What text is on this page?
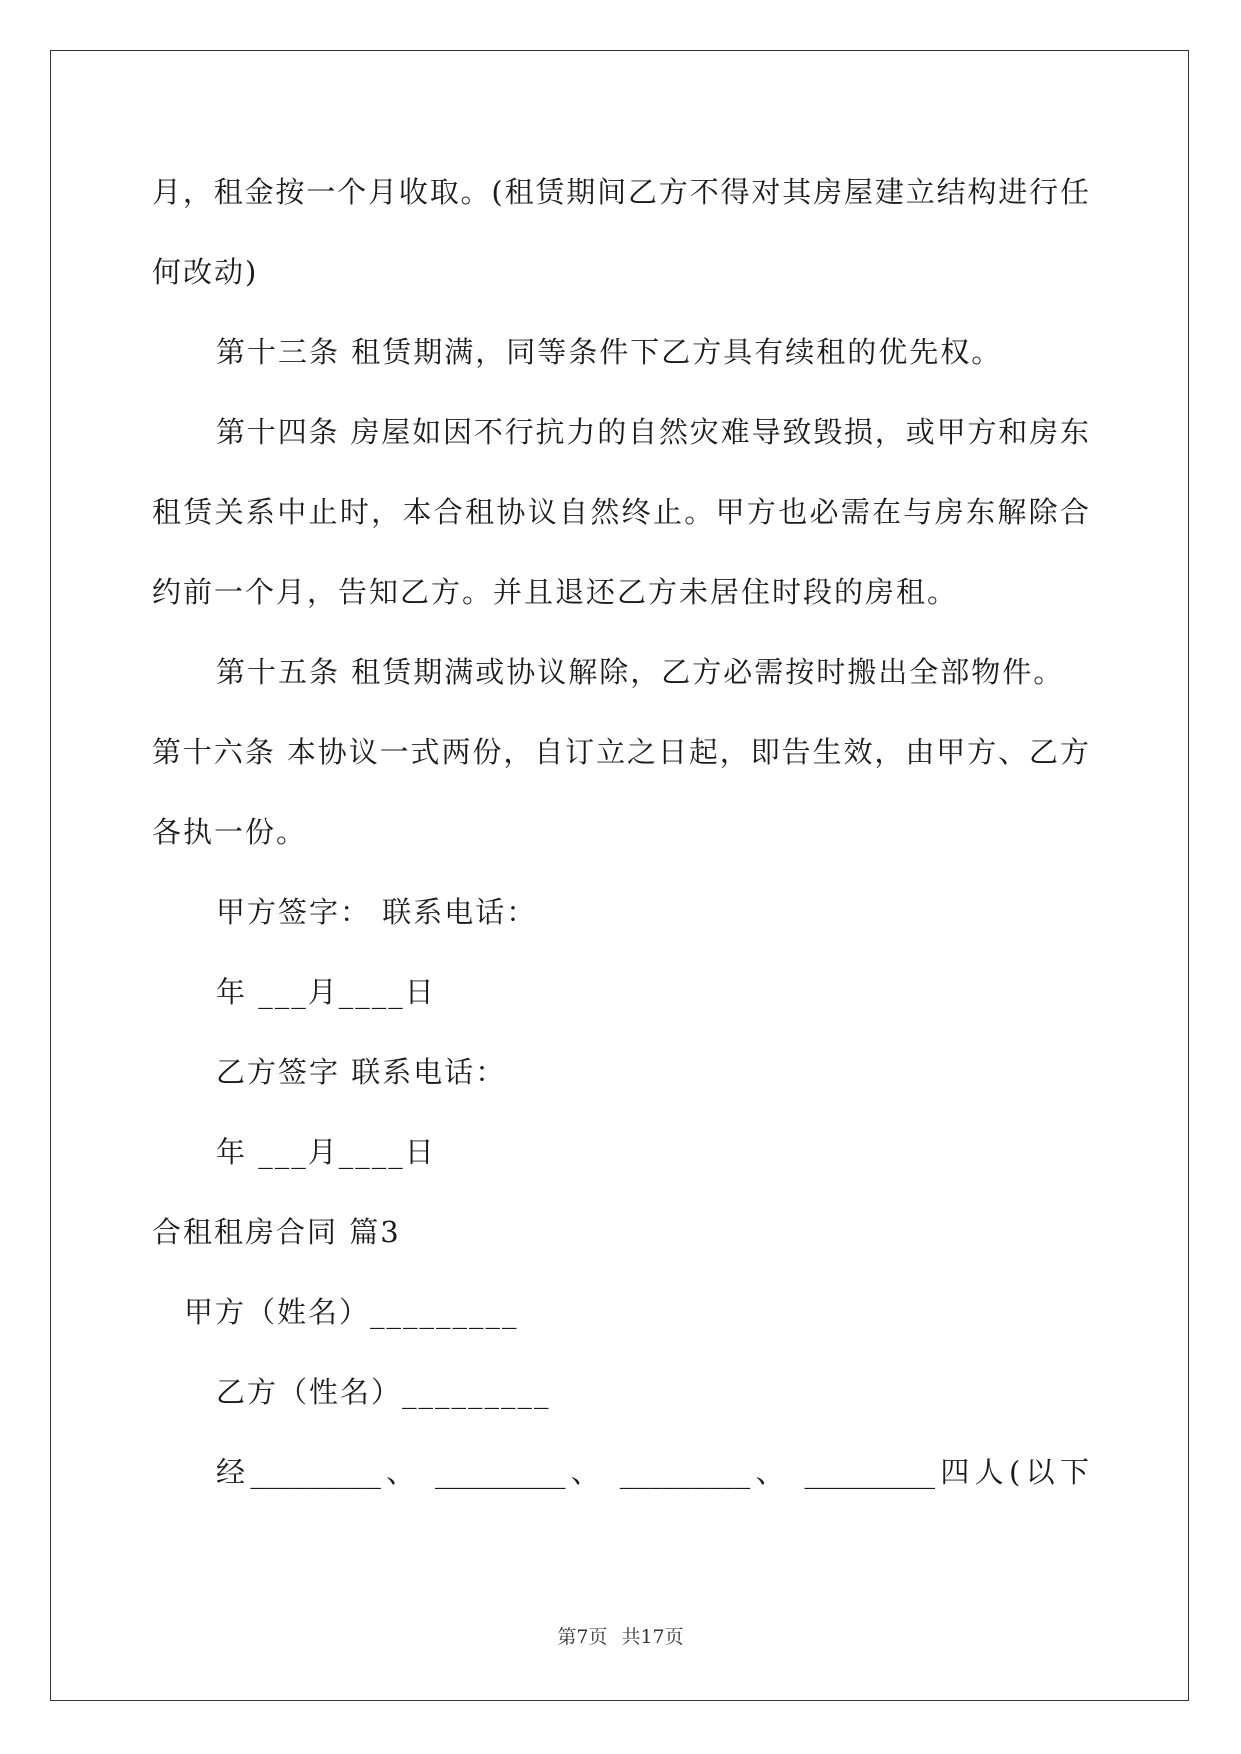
月，租金按一个月收取。(租赁期间乙方不得对其房屋建立结构进行任
何改动)
第十三条 租赁期满，同等条件下乙方具有续租的优先权。
第十四条 房屋如因不行抗力的自然灾难导致毁损，或甲方和房东
租赁关系中止时，本合租协议自然终止。甲方也必需在与房东解除合
约前一个月，告知乙方。并且退还乙方未居住时段的房租。
第十五条 租赁期满或协议解除，乙方必需按时搬出全部物件。
第十六条 本协议一式两份，自订立之日起，即告生效，由甲方、乙方
各执一份。
甲方签字： 联系电话：
年 ___月____日
乙方签字 联系电话：
年 ___月____日
合租租房合同 篇3
甲方（姓名）_________
乙方（性名）_________
经_________、 _________、 _________、 _________四人(以下
第7页 共17页
